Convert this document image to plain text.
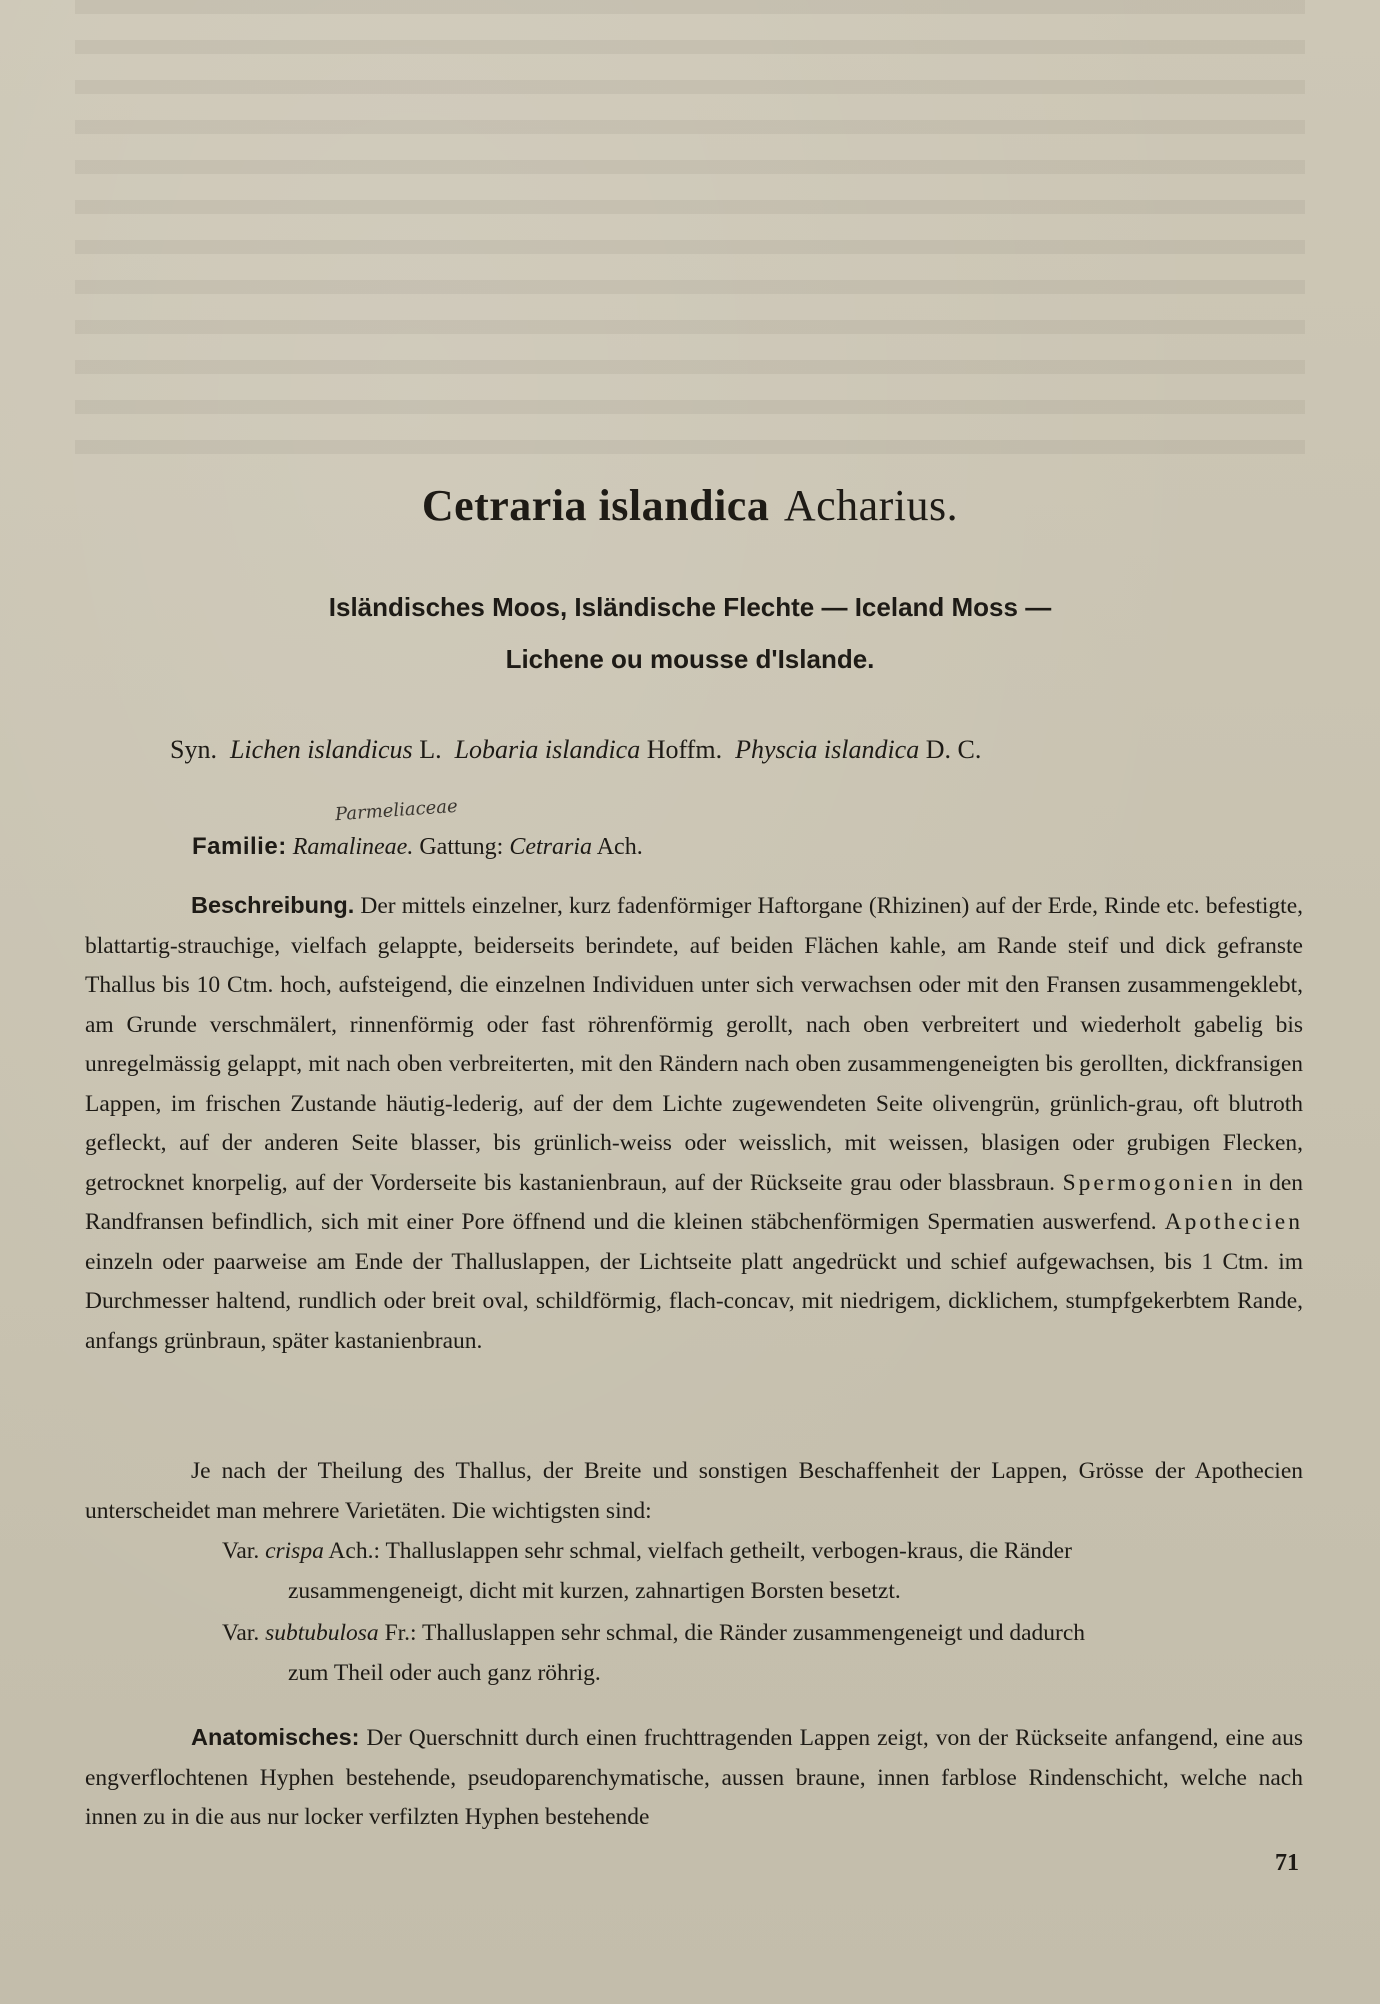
Cetraria islandica Acharius.
Isländisches Moos, Isländische Flechte — Iceland Moss —
Lichene ou mousse d'Islande.
Syn. Lichen islandicus L. Lobaria islandica Hoffm. Physcia islandica D. C.
Parmeliaceae
Familie: Ramalineae. Gattung: Cetraria Ach.
Beschreibung. Der mittels einzelner, kurz fadenförmiger Haftorgane (Rhizinen) auf der Erde, Rinde etc. befestigte, blattartig-strauchige, vielfach gelappte, beiderseits berindete, auf beiden Flächen kahle, am Rande steif und dick gefranste Thallus bis 10 Ctm. hoch, aufsteigend, die einzelnen Individuen unter sich verwachsen oder mit den Fransen zusammengeklebt, am Grunde verschmälert, rinnenförmig oder fast röhrenförmig gerollt, nach oben verbreitert und wiederholt gabelig bis unregelmässig gelappt, mit nach oben verbreiterten, mit den Rändern nach oben zusammengeneigten bis gerollten, dickfransigen Lappen, im frischen Zustande häutig-lederig, auf der dem Lichte zugewendeten Seite olivengrün, grünlich-grau, oft blutroth gefleckt, auf der anderen Seite blasser, bis grünlich-weiss oder weisslich, mit weissen, blasigen oder grubigen Flecken, getrocknet knorpelig, auf der Vorderseite bis kastanienbraun, auf der Rückseite grau oder blassbraun. Spermogonien in den Randfransen befindlich, sich mit einer Pore öffnend und die kleinen stäbchenförmigen Spermatien auswerfend. Apothecien einzeln oder paarweise am Ende der Thalluslappen, der Lichtseite platt angedrückt und schief aufgewachsen, bis 1 Ctm. im Durchmesser haltend, rundlich oder breit oval, schildförmig, flach-concav, mit niedrigem, dicklichem, stumpfgekerbtem Rande, anfangs grünbraun, später kastanienbraun.
Je nach der Theilung des Thallus, der Breite und sonstigen Beschaffenheit der Lappen, Grösse der Apothecien unterscheidet man mehrere Varietäten. Die wichtigsten sind:
Var. crispa Ach.: Thalluslappen sehr schmal, vielfach getheilt, verbogen-kraus, die Ränder
zusammengeneigt, dicht mit kurzen, zahnartigen Borsten besetzt.
Var. subtubulosa Fr.: Thalluslappen sehr schmal, die Ränder zusammengeneigt und dadurch
zum Theil oder auch ganz röhrig.
Anatomisches: Der Querschnitt durch einen fruchttragenden Lappen zeigt, von der Rückseite anfangend, eine aus engverflochtenen Hyphen bestehende, pseudoparenchymatische, aussen braune, innen farblose Rindenschicht, welche nach innen zu in die aus nur locker verfilzten Hyphen bestehende
71
